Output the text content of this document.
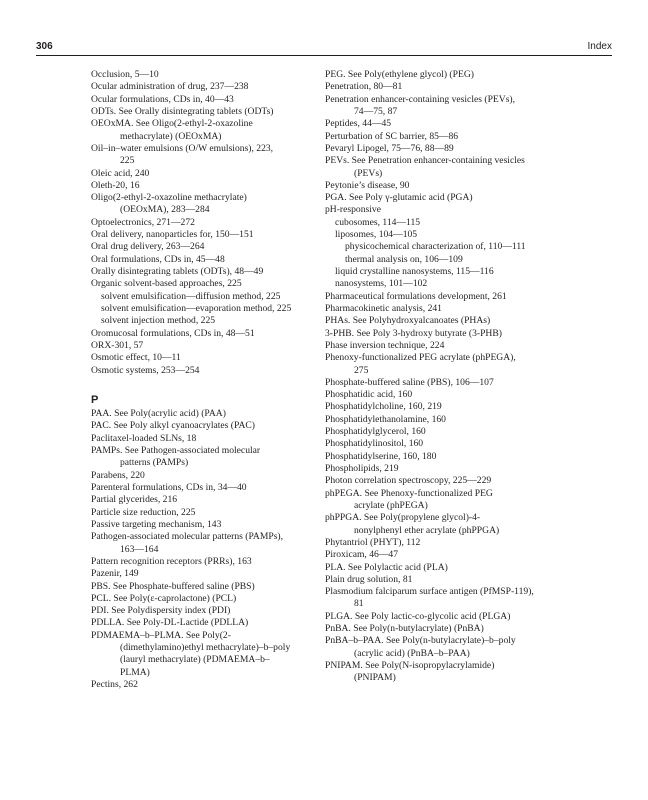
306	Index
Occlusion, 5—10
Ocular administration of drug, 237—238
Ocular formulations, CDs in, 40—43
ODTs. See Orally disintegrating tablets (ODTs)
OEOxMA. See Oligo(2-ethyl-2-oxazoline
methacrylate) (OEOxMA)
Oil–in–water emulsions (O/W emulsions), 223,
225
Oleic acid, 240
Oleth-20, 16
Oligo(2-ethyl-2-oxazoline methacrylate)
(OEOxMA), 283—284
Optoelectronics, 271—272
Oral delivery, nanoparticles for, 150—151
Oral drug delivery, 263—264
Oral formulations, CDs in, 45—48
Orally disintegrating tablets (ODTs), 48—49
Organic solvent-based approaches, 225
solvent emulsification—diffusion method, 225
solvent emulsification—evaporation method, 225
solvent injection method, 225
Oromucosal formulations, CDs in, 48—51
ORX-301, 57
Osmotic effect, 10—11
Osmotic systems, 253—254
P
PAA. See Poly(acrylic acid) (PAA)
PAC. See Poly alkyl cyanoacrylates (PAC)
Paclitaxel-loaded SLNs, 18
PAMPs. See Pathogen-associated molecular
patterns (PAMPs)
Parabens, 220
Parenteral formulations, CDs in, 34—40
Partial glycerides, 216
Particle size reduction, 225
Passive targeting mechanism, 143
Pathogen-associated molecular patterns (PAMPs),
163—164
Pattern recognition receptors (PRRs), 163
Pazenir, 149
PBS. See Phosphate-buffered saline (PBS)
PCL. See Poly(ε-caprolactone) (PCL)
PDI. See Polydispersity index (PDI)
PDLLA. See Poly-DL-Lactide (PDLLA)
PDMAEMA–b–PLMA. See Poly(2-
(dimethylamino)ethyl methacrylate)–b–poly
(lauryl methacrylate) (PDMAEMA–b–
PLMA)
Pectins, 262
PEG. See Poly(ethylene glycol) (PEG)
Penetration, 80—81
Penetration enhancer-containing vesicles (PEVs),
74—75, 87
Peptides, 44—45
Perturbation of SC barrier, 85—86
Pevaryl Lipogel, 75—76, 88—89
PEVs. See Penetration enhancer-containing vesicles
(PEVs)
Peytonie’s disease, 90
PGA. See Poly γ-glutamic acid (PGA)
pH-responsive
cubosomes, 114—115
liposomes, 104—105
physicochemical characterization of, 110—111
thermal analysis on, 106—109
liquid crystalline nanosystems, 115—116
nanosystems, 101—102
Pharmaceutical formulations development, 261
Pharmacokinetic analysis, 241
PHAs. See Polyhydroxyalcanoates (PHAs)
3-PHB. See Poly 3-hydroxy butyrate (3-PHB)
Phase inversion technique, 224
Phenoxy-functionalized PEG acrylate (phPEGA),
275
Phosphate-buffered saline (PBS), 106—107
Phosphatidic acid, 160
Phosphatidylcholine, 160, 219
Phosphatidylethanolamine, 160
Phosphatidylglycerol, 160
Phosphatidylinositol, 160
Phosphatidylserine, 160, 180
Phospholipids, 219
Photon correlation spectroscopy, 225—229
phPEGA. See Phenoxy-functionalized PEG
acrylate (phPEGA)
phPPGA. See Poly(propylene glycol)-4-
nonylphenyl ether acrylate (phPPGA)
Phytantriol (PHYT), 112
Piroxicam, 46—47
PLA. See Polylactic acid (PLA)
Plain drug solution, 81
Plasmodium falciparum surface antigen (PfMSP-119),
81
PLGA. See Poly lactic-co-glycolic acid (PLGA)
PnBA. See Poly(n-butylacrylate) (PnBA)
PnBA–b–PAA. See Poly(n-butylacrylate)–b–poly
(acrylic acid) (PnBA–b–PAA)
PNIPAM. See Poly(N-isopropylacrylamide)
(PNIPAM)
